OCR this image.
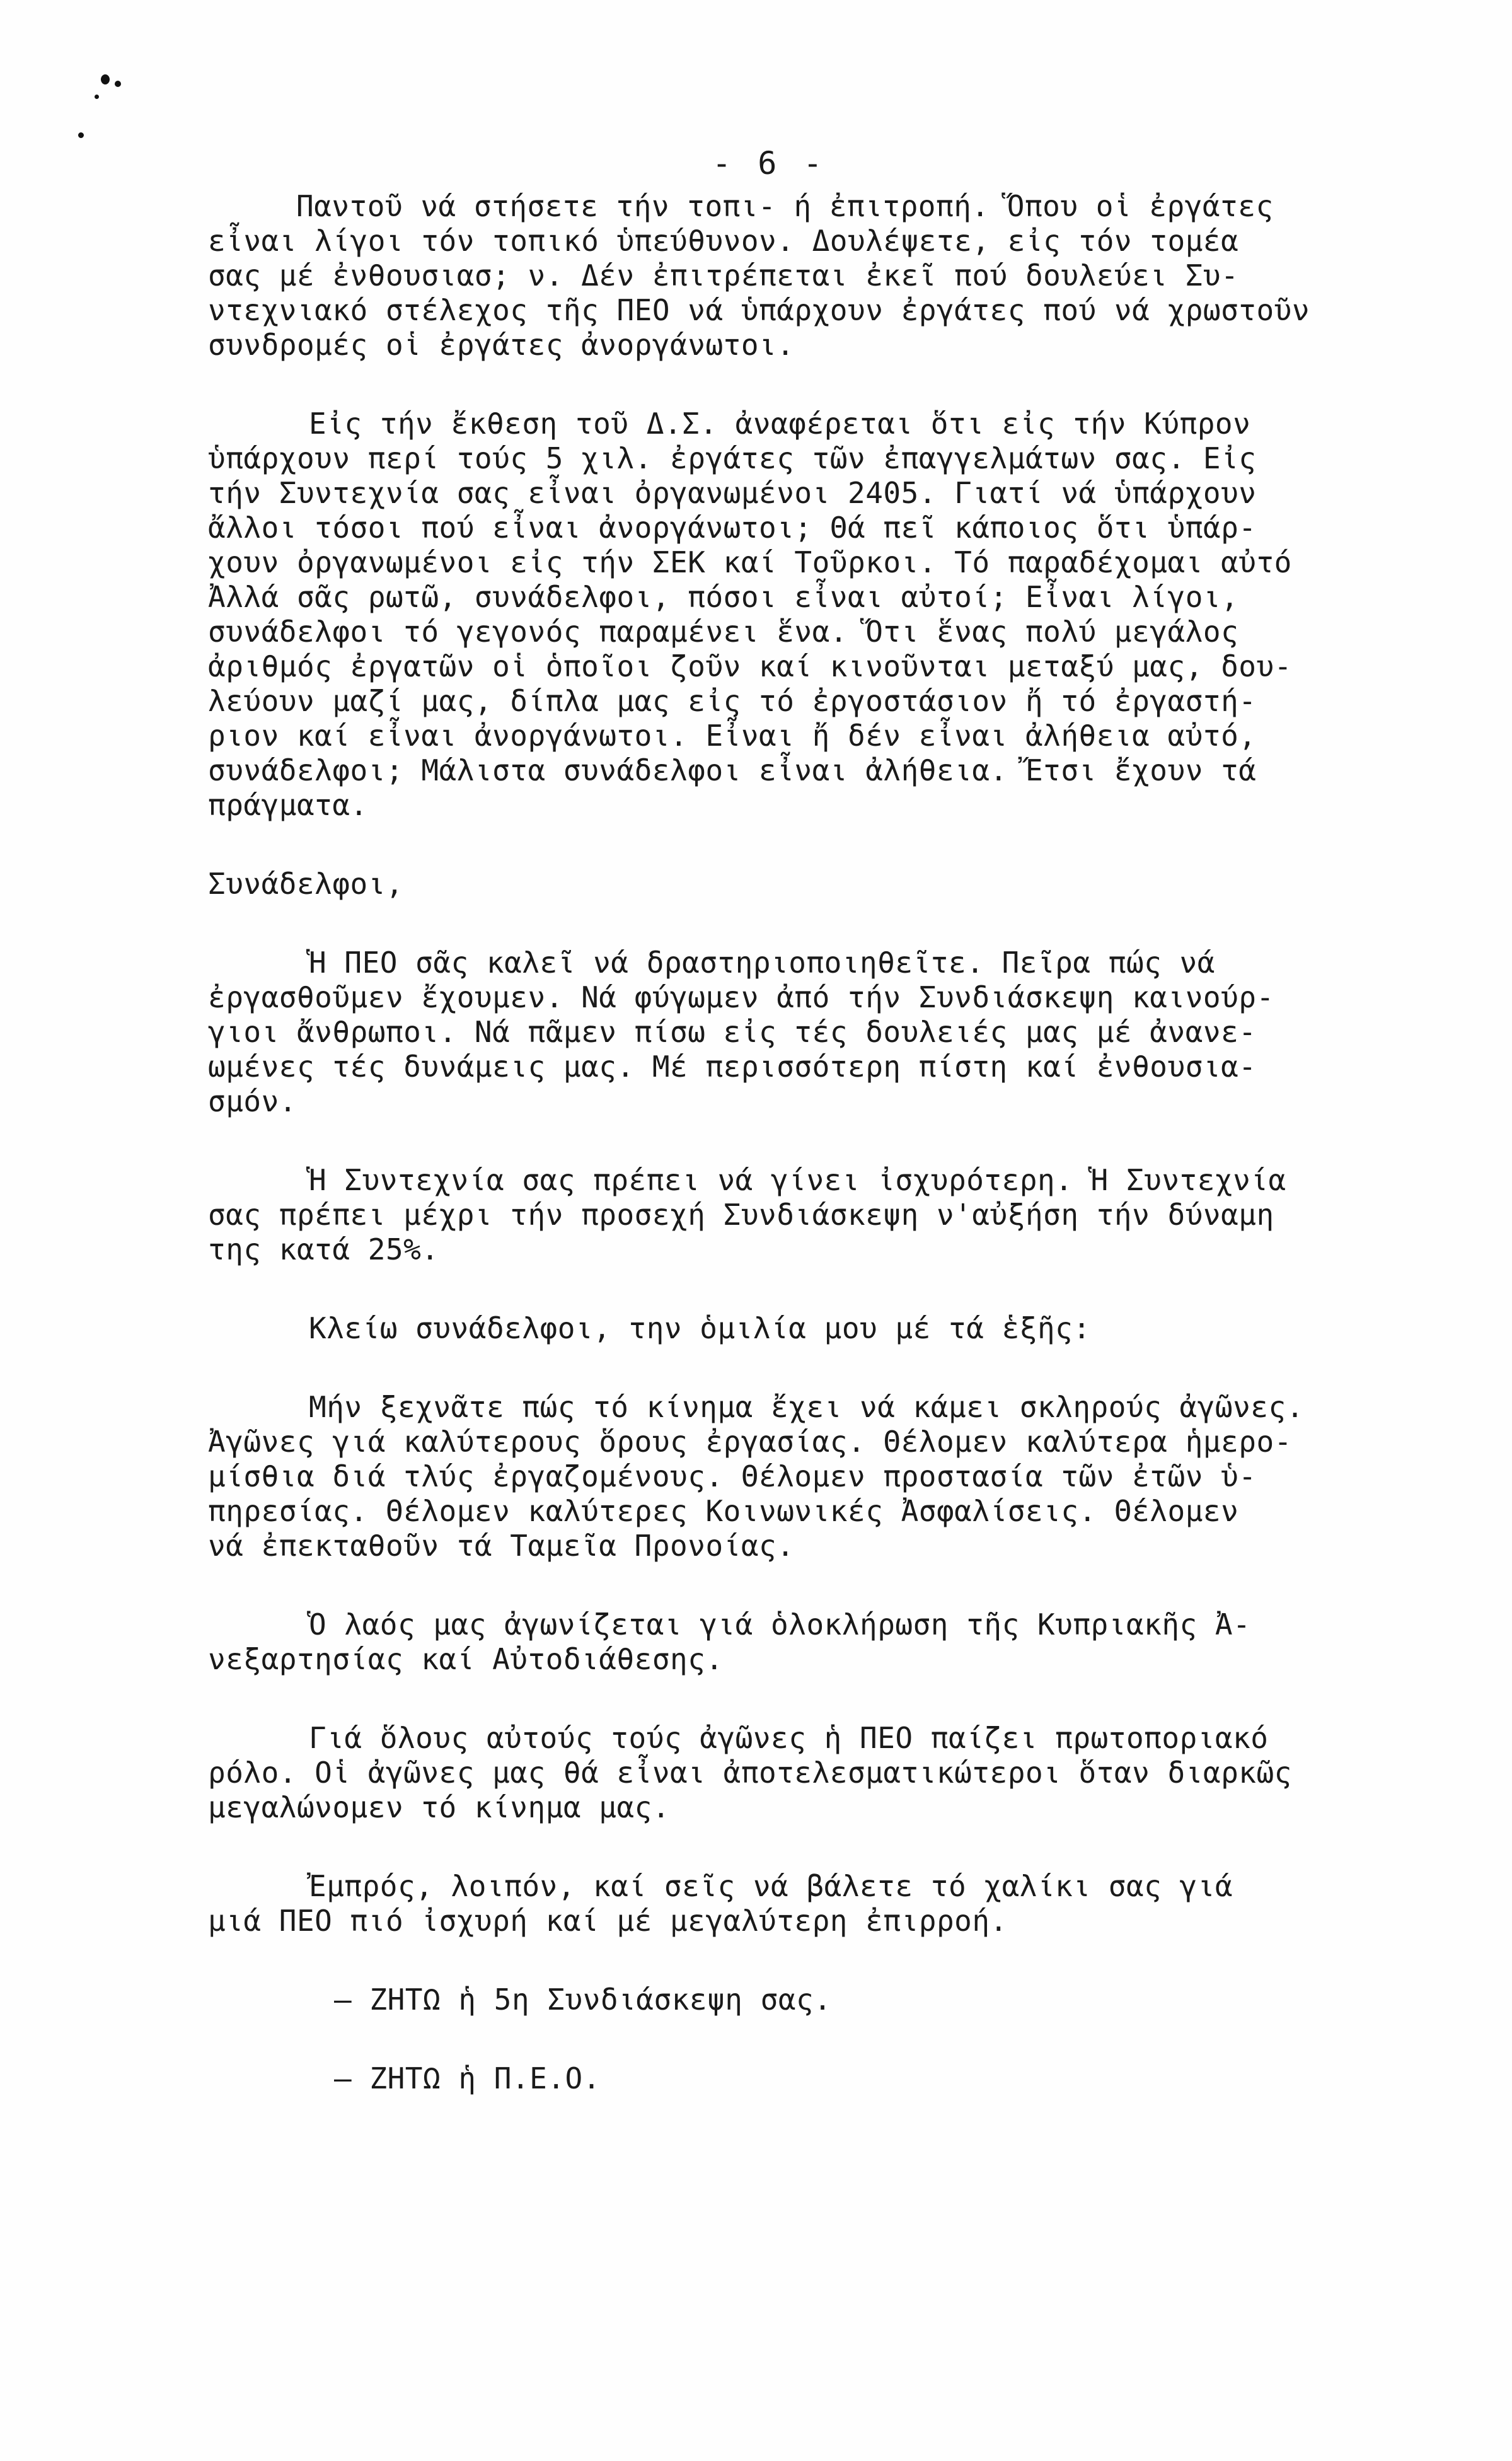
- 6 -
Παντοῦ νά στήσετε τήν τοπι- ή ἐπιτροπή. Ὅπου οἱ ἐργάτες
εἶναι λίγοι τόν τοπικό ὑπεύθυνον. Δουλέψετε, εἰς τόν τομέα
σας μέ ἐνθουσιασ; ν. Δέν ἐπιτρέπεται ἐκεῖ πού δουλεύει Συ-
ντεχνιακό στέλεχος τῆς ΠΕΟ νά ὑπάρχουν ἐργάτες πού νά χρωστοῦν
συνδρομές οἱ ἐργάτες ἀνοργάνωτοι.
Εἰς τήν ἔκθεση τοῦ Δ.Σ. ἀναφέρεται ὅτι εἰς τήν Κύπρον
ὑπάρχουν περί τούς 5 χιλ. ἐργάτες τῶν ἐπαγγελμάτων σας. Εἰς
τήν Συντεχνία σας εἶναι ὀργανωμένοι 2405. Γιατί νά ὑπάρχουν
ἄλλοι τόσοι πού εἶναι ἀνοργάνωτοι; Θά πεῖ κάποιος ὅτι ὑπάρ-
χουν ὀργανωμένοι εἰς τήν ΣΕΚ καί Τοῦρκοι. Τό παραδέχομαι αὐτό
Ἀλλά σᾶς ρωτῶ, συνάδελφοι, πόσοι εἶναι αὐτοί; Εἶναι λίγοι,
συνάδελφοι τό γεγονός παραμένει ἕνα. Ὅτι ἕνας πολύ μεγάλος
ἀριθμός ἐργατῶν οἱ ὁποῖοι ζοῦν καί κινοῦνται μεταξύ μας, δου-
λεύουν μαζί μας, δίπλα μας εἰς τό ἐργοστάσιον ἤ τό ἐργαστή-
ριον καί εἶναι ἀνοργάνωτοι. Εἶναι ἤ δέν εἶναι ἀλήθεια αὐτό,
συνάδελφοι; Μάλιστα συνάδελφοι εἶναι ἀλήθεια. Ἔτσι ἔχουν τά
πράγματα.
Συνάδελφοι,
Ἡ ΠΕΟ σᾶς καλεῖ νά δραστηριοποιηθεῖτε. Πεῖρα πώς νά
ἐργασθοῦμεν ἔχουμεν. Νά φύγωμεν ἀπό τήν Συνδιάσκεψη καινούρ-
γιοι ἄνθρωποι. Νά πᾶμεν πίσω εἰς τές δουλειές μας μέ ἀνανε-
ωμένες τές δυνάμεις μας. Μέ περισσότερη πίστη καί ἐνθουσια-
σμόν.
Ἡ Συντεχνία σας πρέπει νά γίνει ἰσχυρότερη. Ἡ Συντεχνία
σας πρέπει μέχρι τήν προσεχή Συνδιάσκεψη ν'αὐξήση τήν δύναμη
της κατά 25%.
Κλείω συνάδελφοι, την ὁμιλία μου μέ τά ἑξῆς:
Μήν ξεχνᾶτε πώς τό κίνημα ἔχει νά κάμει σκληρούς ἀγῶνες.
Ἀγῶνες γιά καλύτερους ὅρους ἐργασίας. Θέλομεν καλύτερα ἡμερο-
μίσθια διά τλύς ἐργαζομένους. Θέλομεν προστασία τῶν ἐτῶν ὑ-
πηρεσίας. Θέλομεν καλύτερες Κοινωνικές Ἀσφαλίσεις. Θέλομεν
νά ἐπεκταθοῦν τά Ταμεῖα Προνοίας.
Ὁ λαός μας ἀγωνίζεται γιά ὁλοκλήρωση τῆς Κυπριακῆς Ἀ-
νεξαρτησίας καί Αὐτοδιάθεσης.
Γιά ὅλους αὐτούς τούς ἀγῶνες ἡ ΠΕΟ παίζει πρωτοποριακό
ρόλο. Οἱ ἀγῶνες μας θά εἶναι ἀποτελεσματικώτεροι ὅταν διαρκῶς
μεγαλώνομεν τό κίνημα μας.
Ἐμπρός, λοιπόν, καί σεῖς νά βάλετε τό χαλίκι σας γιά
μιά ΠΕΟ πιό ἰσχυρή καί μέ μεγαλύτερη ἐπιρροή.
— ΖΗΤΩ ἡ 5η Συνδιάσκεψη σας.
— ΖΗΤΩ ἡ Π.Ε.Ο.
